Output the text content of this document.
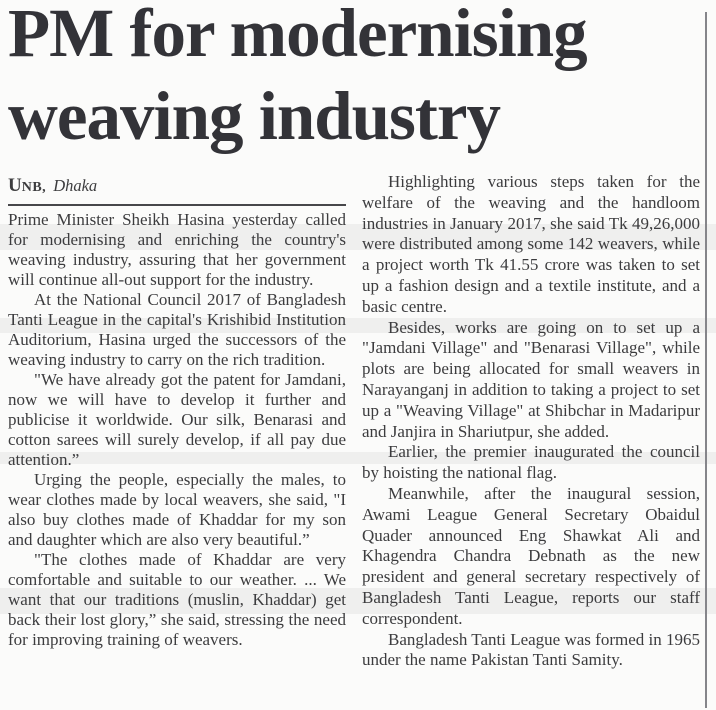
PM for modernising weaving industry
UNB, Dhaka

Prime Minister Sheikh Hasina yesterday called for modernising and enriching the country's weaving industry, assuring that her government will continue all-out support for the industry.

At the National Council 2017 of Bangladesh Tanti League in the capital's Krishibid Institution Auditorium, Hasina urged the successors of the weaving industry to carry on the rich tradition.

"We have already got the patent for Jamdani, now we will have to develop it further and publicise it worldwide. Our silk, Benarasi and cotton sarees will surely develop, if all pay due attention.”

Urging the people, especially the males, to wear clothes made by local weavers, she said, "I also buy clothes made of Khaddar for my son and daughter which are also very beautiful.”

"The clothes made of Khaddar are very comfortable and suitable to our weather. ... We want that our traditions (muslin, Khaddar) get back their lost glory,” she said, stressing the need for improving training of weavers.

Highlighting various steps taken for the welfare of the weaving and the handloom industries in January 2017, she said Tk 49,26,000 were distributed among some 142 weavers, while a project worth Tk 41.55 crore was taken to set up a fashion design and a textile institute, and a basic centre.

Besides, works are going on to set up a "Jamdani Village" and "Benarasi Village", while plots are being allocated for small weavers in Narayanganj in addition to taking a project to set up a "Weaving Village" at Shibchar in Madaripur and Janjira in Shariutpur, she added.

Earlier, the premier inaugurated the council by hoisting the national flag.

Meanwhile, after the inaugural session, Awami League General Secretary Obaidul Quader announced Eng Shawkat Ali and Khagendra Chandra Debnath as the new president and general secretary respectively of Bangladesh Tanti League, reports our staff correspondent.

Bangladesh Tanti League was formed in 1965 under the name Pakistan Tanti Samity.
